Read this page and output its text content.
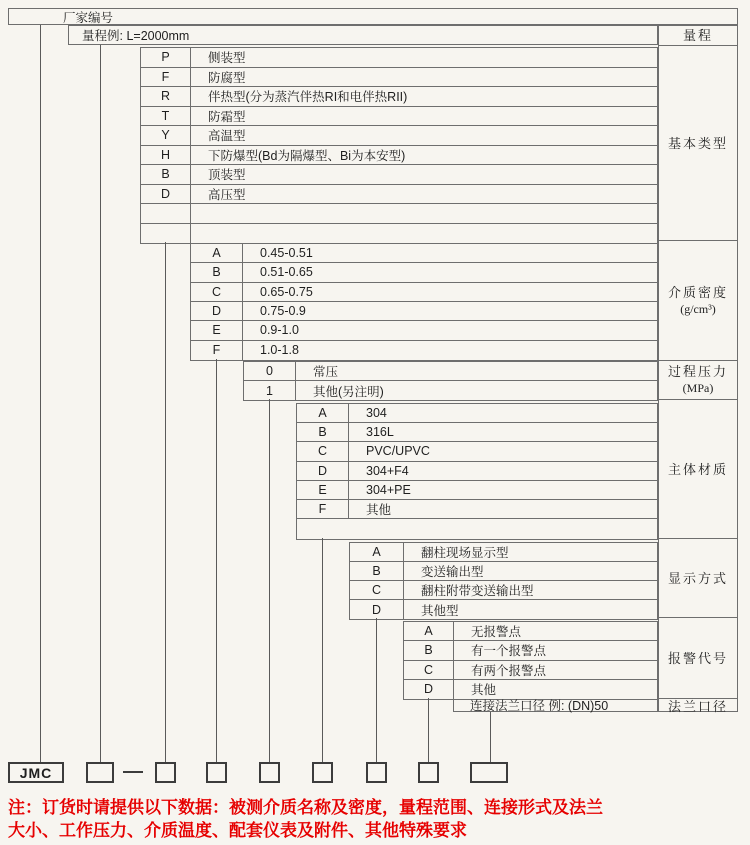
厂家编号
量程例: L=2000mm	量程
基本类型
介质密度
(g/cm³)
过程压力
(MPa)
主体材质
显示方式
报警代号
法兰口径
P	侧装型
F	防腐型
R	伴热型(分为蒸汽伴热RI和电伴热RII)
T	防霜型
Y	高温型
H	下防爆型(Bd为隔爆型、Bi为本安型)
B	顶装型
D	高压型
A	0.45-0.51
B	0.51-0.65
C	0.65-0.75
D	0.75-0.9
E	0.9-1.0
F	1.0-1.8
0	常压
1	其他(另注明)
A	304
B	316L
C	PVC/UPVC
D	304+F4
E	304+PE
F	其他
A	翻柱现场显示型
B	变送输出型
C	翻柱附带变送输出型
D	其他型
A	无报警点
B	有一个报警点
C	有两个报警点
D	其他
连接法兰口径 例: (DN)50
JMC
注：订货时请提供以下数据：被测介质名称及密度，量程范围、连接形式及法兰
大小、工作压力、介质温度、配套仪表及附件、其他特殊要求
